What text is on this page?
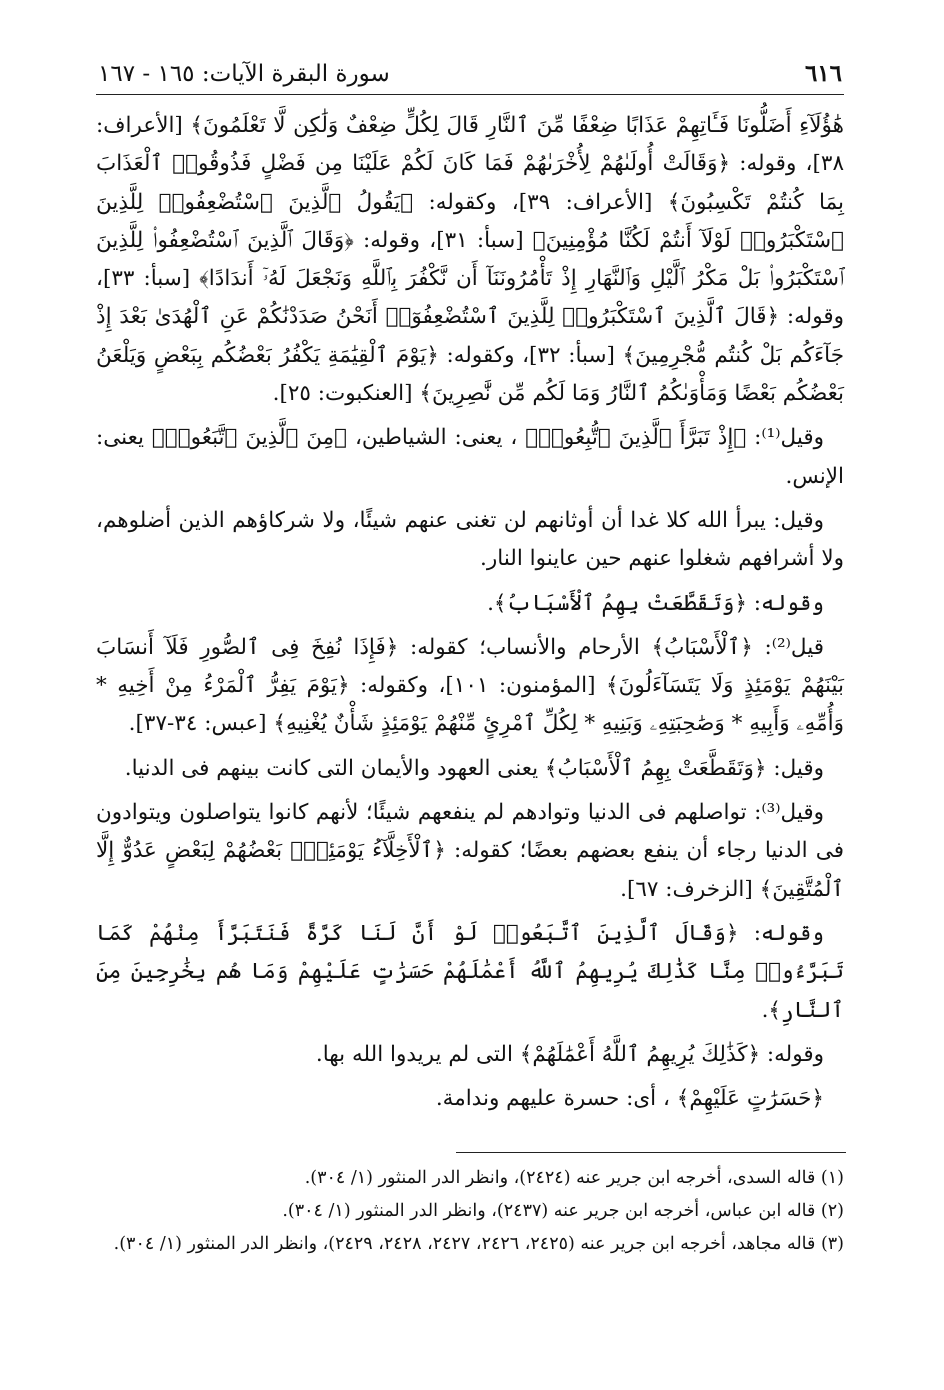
٦١٦
سورة البقرة الآيات: ١٦٥ - ١٦٧

هَٰؤُلَآءِ أَضَلُّونَا فَـَٔاتِهِمْ عَذَابًا ضِعْفًا مِّنَ ٱلنَّارِ قَالَ لِكُلٍّ ضِعْفٌ وَلَٰكِن لَّا تَعْلَمُونَ﴾ [الأعراف: ٣٨]، وقوله: ﴿وَقَالَتْ أُولَىٰهُمْ لِأُخْرَىٰهُمْ فَمَا كَانَ لَكُمْ عَلَيْنَا مِن فَضْلٍ فَذُوقُوا۟ ٱلْعَذَابَ بِمَا كُنتُمْ تَكْسِبُونَ﴾ [الأعراف: ٣٩]، وكقوله: ﴿يَقُولُ ٱلَّذِينَ ٱسْتُضْعِفُوا۟ لِلَّذِينَ ٱسْتَكْبَرُوا۟ لَوْلَآ أَنتُمْ لَكُنَّا مُؤْمِنِينَ﴾ [سبأ: ٣١]، وقوله: ﴿وَقَالَ ٱلَّذِينَ ٱسْتُضْعِفُوا۟ لِلَّذِينَ ٱسْتَكْبَرُوا۟ بَلْ مَكْرُ ٱلَّيْلِ وَٱلنَّهَارِ إِذْ تَأْمُرُونَنَآ أَن نَّكْفُرَ بِٱللَّهِ وَنَجْعَلَ لَهُۥٓ أَندَادًا﴾ [سبأ: ٣٣]، وقوله: ﴿قَالَ ٱلَّذِينَ ٱسْتَكْبَرُوا۟ لِلَّذِينَ ٱسْتُضْعِفُوٓا۟ أَنَحْنُ صَدَدْنَٰكُمْ عَنِ ٱلْهُدَىٰ بَعْدَ إِذْ جَآءَكُم بَلْ كُنتُم مُّجْرِمِينَ﴾ [سبأ: ٣٢]، وكقوله: ﴿يَوْمَ ٱلْقِيَٰمَةِ يَكْفُرُ بَعْضُكُم بِبَعْضٍ وَيَلْعَنُ بَعْضُكُم بَعْضًا وَمَأْوَىٰكُمُ ٱلنَّارُ وَمَا لَكُم مِّن نَّٰصِرِينَ﴾ [العنكبوت: ٢٥].

وقيل⁽¹⁾: ﴿إِذْ تَبَرَّأَ ٱلَّذِينَ ٱتُّبِعُوا۟﴾ ، يعنى: الشياطين، ﴿مِنَ ٱلَّذِينَ ٱتَّبَعُوا۟﴾ يعنى: الإنس.

وقيل: يبرأ الله كلا غدا أن أوثانهم لن تغنى عنهم شيئًا، ولا شركاؤهم الذين أضلوهم، ولا أشرافهم شغلوا عنهم حين عاينوا النار.

وقوله: ﴿وَتَقَطَّعَتْ بِهِمُ ٱلْأَسْبَابُ﴾.

قيل⁽²⁾: ﴿ٱلْأَسْبَابُ﴾ الأرحام والأنساب؛ كقوله: ﴿فَإِذَا نُفِخَ فِى ٱلصُّورِ فَلَآ أَنسَابَ بَيْنَهُمْ يَوْمَئِذٍ وَلَا يَتَسَآءَلُونَ﴾ [المؤمنون: ١٠١]، وكقوله: ﴿يَوْمَ يَفِرُّ ٱلْمَرْءُ مِنْ أَخِيهِ * وَأُمِّهِۦ وَأَبِيهِ * وَصَٰحِبَتِهِۦ وَبَنِيهِ * لِكُلِّ ٱمْرِئٍ مِّنْهُمْ يَوْمَئِذٍ شَأْنٌ يُغْنِيهِ﴾ [عبس: ٣٤-٣٧].

وقيل: ﴿وَتَقَطَّعَتْ بِهِمُ ٱلْأَسْبَابُ﴾ يعنى العهود والأيمان التى كانت بينهم فى الدنيا.

وقيل⁽³⁾: تواصلهم فى الدنيا وتوادهم لم ينفعهم شيئًا؛ لأنهم كانوا يتواصلون ويتوادون فى الدنيا رجاء أن ينفع بعضهم بعضًا؛ كقوله: ﴿ٱلْأَخِلَّآءُ يَوْمَئِذٍۭ بَعْضُهُمْ لِبَعْضٍ عَدُوٌّ إِلَّا ٱلْمُتَّقِينَ﴾ [الزخرف: ٦٧].

وقوله: ﴿وَقَالَ ٱلَّذِينَ ٱتَّبَعُوا۟ لَوْ أَنَّ لَنَا كَرَّةً فَنَتَبَرَّأَ مِنْهُمْ كَمَا تَبَرَّءُوا۟ مِنَّا كَذَٰلِكَ يُرِيهِمُ ٱللَّهُ أَعْمَٰلَهُمْ حَسَرَٰتٍ عَلَيْهِمْ وَمَا هُم بِخَٰرِجِينَ مِنَ ٱلنَّارِ﴾.

وقوله: ﴿كَذَٰلِكَ يُرِيهِمُ ٱللَّهُ أَعْمَٰلَهُمْ﴾ التى لم يريدوا الله بها.

﴿حَسَرَٰتٍ عَلَيْهِمْ﴾ ، أى: حسرة عليهم وندامة.

(١) قاله السدى، أخرجه ابن جرير عنه (٢٤٢٤)، وانظر الدر المنثور (١/ ٣٠٤).

(٢) قاله ابن عباس، أخرجه ابن جرير عنه (٢٤٣٧)، وانظر الدر المنثور (١/ ٣٠٤).

(٣) قاله مجاهد، أخرجه ابن جرير عنه (٢٤٢٥، ٢٤٢٦، ٢٤٢٧، ٢٤٢٨، ٢٤٢٩)، وانظر الدر المنثور (١/ ٣٠٤).
